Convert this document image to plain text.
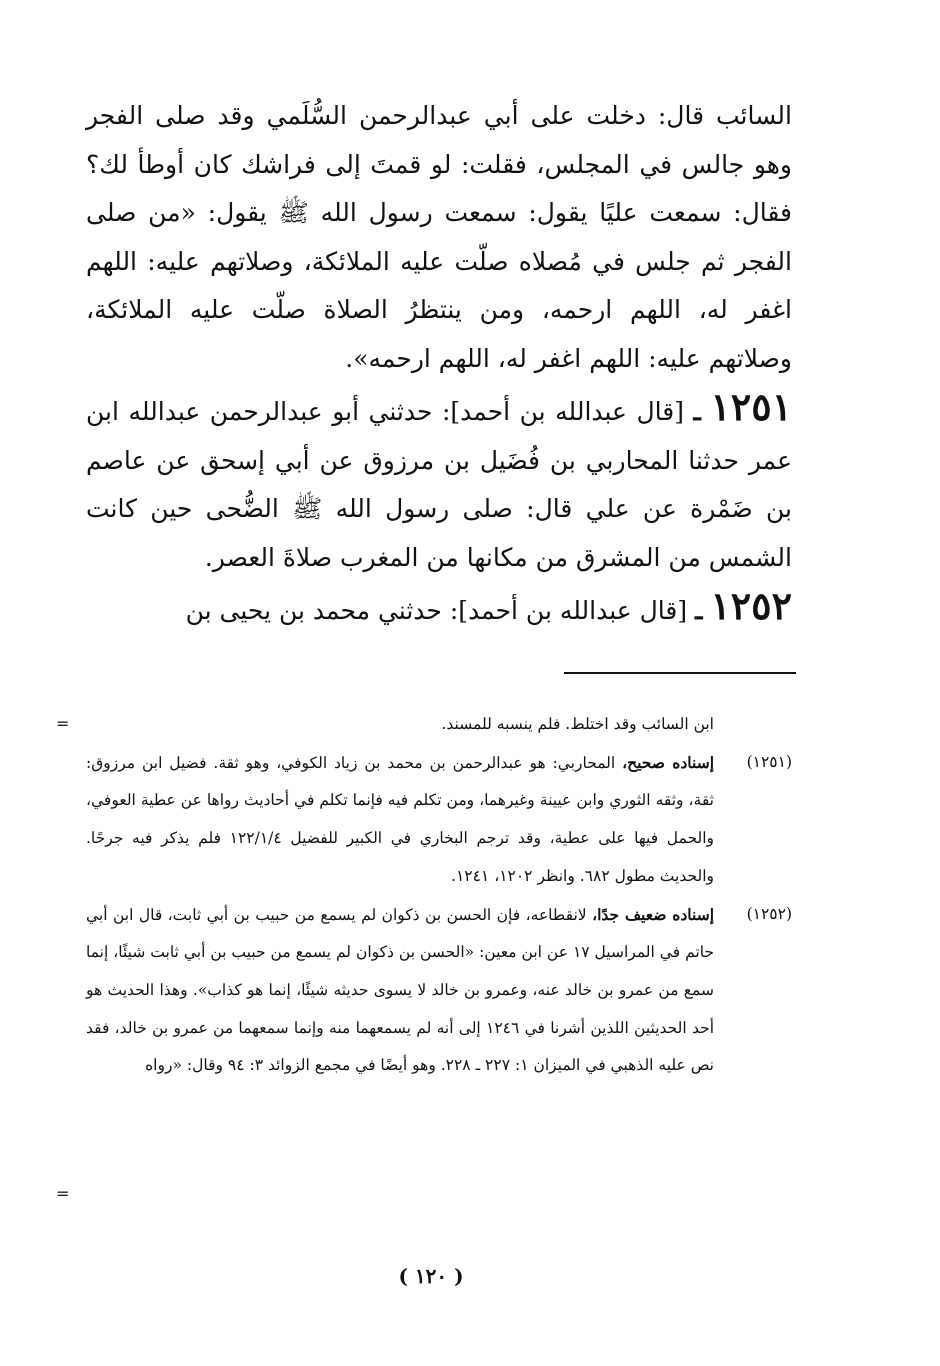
السائب قال: دخلت على أبي عبدالرحمن السُّلَمي وقد صلى الفجر وهو جالس في المجلس، فقلت: لو قمتَ إلى فراشك كان أوطأ لك؟ فقال: سمعت عليًا يقول: سمعت رسول الله ﷺ يقول: «من صلى الفجر ثم جلس في مُصلاه صلّت عليه الملائكة، وصلاتهم عليه: اللهم اغفر له، اللهم ارحمه، ومن ينتظرُ الصلاة صلّت عليه الملائكة، وصلاتهم عليه: اللهم اغفر له، اللهم ارحمه».

١٢٥١ ـ [قال عبدالله بن أحمد]: حدثني أبو عبدالرحمن عبدالله ابن عمر حدثنا المحاربي بن فُضَيل بن مرزوق عن أبي إسحق عن عاصم بن ضَمْرة عن علي قال: صلى رسول الله ﷺ الضُّحى حين كانت الشمس من المشرق من مكانها من المغرب صلاةَ العصر.

١٢٥٢ ـ [قال عبدالله بن أحمد]: حدثني محمد بن يحيى بن

=	ابن السائب وقد اختلط. فلم ينسبه للمسند.

(١٢٥١)
إسناده صحيح، المحاربي: هو عبدالرحمن بن محمد بن زياد الكوفي، وهو ثقة. فضيل ابن مرزوق: ثقة، وثقه الثوري وابن عيينة وغيرهما، ومن تكلم فيه فإنما تكلم في أحاديث رواها عن عطية العوفي، والحمل فيها على عطية، وقد ترجم البخاري في الكبير للفضيل ١٢٢/١/٤ فلم يذكر فيه جرحًا. والحديث مطول ٦٨٢. وانظر ١٢٠٢، ١٢٤١.

(١٢٥٢)
إسناده ضعيف جدًا، لانقطاعه، فإن الحسن بن ذكوان لم يسمع من حبيب بن أبي ثابت، قال ابن أبي حاتم في المراسيل ١٧ عن ابن معين: «الحسن بن ذكوان لم يسمع من حبيب بن أبي ثابت شيئًا، إنما سمع من عمرو بن خالد عنه، وعمرو بن خالد لا يسوى حديثه شيئًا، إنما هو كذاب». وهذا الحديث هو أحد الحديثين اللذين أشرنا في ١٢٤٦ إلى أنه لم يسمعهما منه وإنما سمعهما من عمرو بن خالد، فقد نص عليه الذهبي في الميزان ١: ٢٢٧ ـ ٢٢٨. وهو أيضًا في مجمع الزوائد ٣: ٩٤ وقال: «رواه

=
( ١٢٠ )
